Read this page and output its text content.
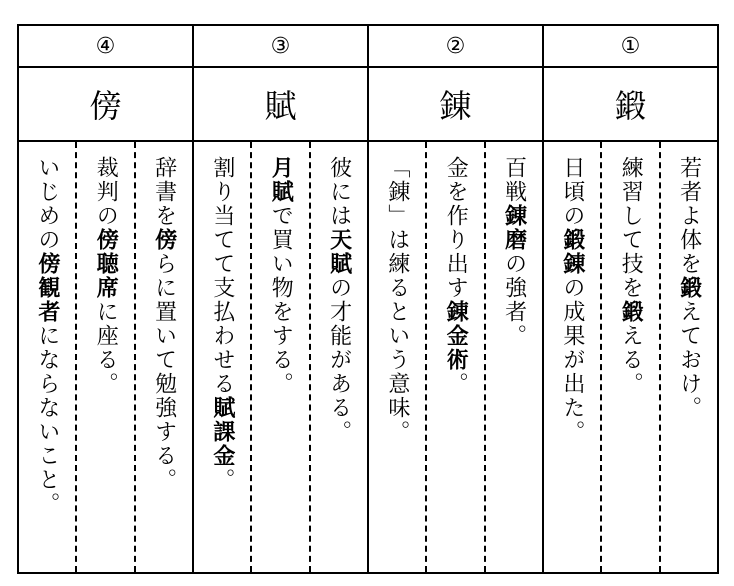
④
傍
いじめの傍観者にならないこと。
裁判の傍聴席に座る。
辞書を傍らに置いて勉強する。
③
賦
割り当てて支払わせる賦課金。
月賦で買い物をする。
彼には天賦の才能がある。
②
錬
「錬」は練るという意味。 金を作り出す錬金術。
百戦錬磨の強者。
①
鍛
日頃の鍛錬の成果が出た。
練習して技を鍛える。
若者よ体を鍛えておけ。
